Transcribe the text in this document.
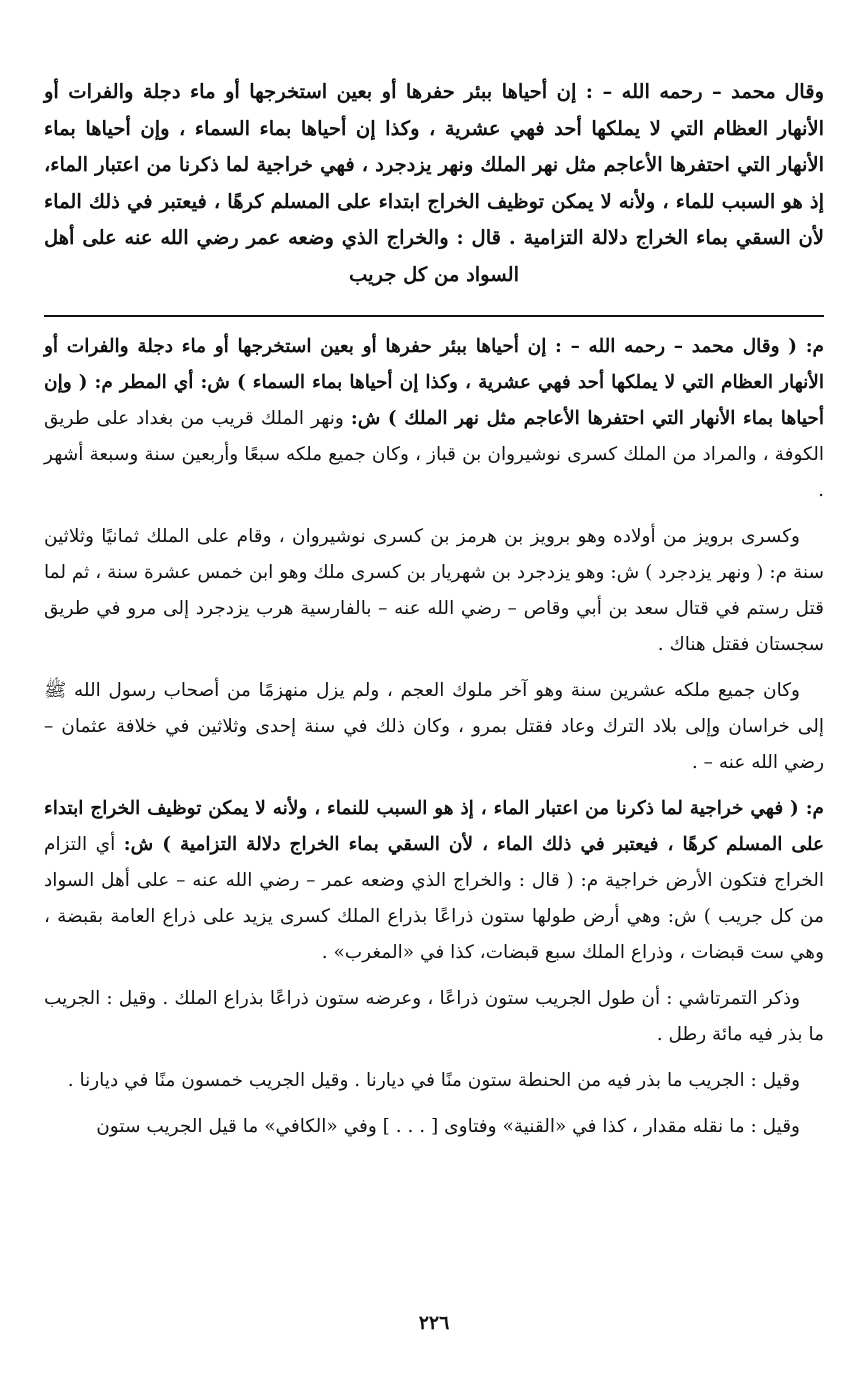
وقال محمد – رحمه الله – : إن أحياها ببئر حفرها أو بعين استخرجها أو ماء دجلة والفرات أو الأنهار العظام التي لا يملكها أحد فهي عشرية ، وكذا إن أحياها بماء السماء ، وإن أحياها بماء الأنهار التي احتفرها الأعاجم مثل نهر الملك ونهر يزدجرد ، فهي خراجية لما ذكرنا من اعتبار الماء، إذ هو السبب للماء ، ولأنه لا يمكن توظيف الخراج ابتداء على المسلم كرهًا ، فيعتبر في ذلك الماء لأن السقي بماء الخراج دلالة التزامية . قال : والخراج الذي وضعه عمر رضي الله عنه على أهل السواد من كل جريب

م: ( وقال محمد – رحمه الله – : إن أحياها ببئر حفرها أو بعين استخرجها أو ماء دجلة والفرات أو الأنهار العظام التي لا يملكها أحد فهي عشرية ، وكذا إن أحياها بماء السماء ) ش: أي المطر م: ( وإن أحياها بماء الأنهار التي احتفرها الأعاجم مثل نهر الملك ) ش: ونهر الملك قريب من بغداد على طريق الكوفة ، والمراد من الملك كسرى نوشيروان بن قباز ، وكان جميع ملكه سبعًا وأربعين سنة وسبعة أشهر .

وكسرى برويز من أولاده وهو برويز بن هرمز بن كسرى نوشيروان ، وقام على الملك ثمانيًا وثلاثين سنة م: ( ونهر يزدجرد ) ش: وهو يزدجرد بن شهريار بن كسرى ملك وهو ابن خمس عشرة سنة ، ثم لما قتل رستم في قتال سعد بن أبي وقاص – رضي الله عنه – بالفارسية هرب يزدجرد إلى مرو في طريق سجستان فقتل هناك .

وكان جميع ملكه عشرين سنة وهو آخر ملوك العجم ، ولم يزل منهزمًا من أصحاب رسول الله ﷺ إلى خراسان وإلى بلاد الترك وعاد فقتل بمرو ، وكان ذلك في سنة إحدى وثلاثين في خلافة عثمان – رضي الله عنه – .

م: ( فهي خراجية لما ذكرنا من اعتبار الماء ، إذ هو السبب للنماء ، ولأنه لا يمكن توظيف الخراج ابتداء على المسلم كرهًا ، فيعتبر في ذلك الماء ، لأن السقي بماء الخراج دلالة التزامية ) ش: أي التزام الخراج فتكون الأرض خراجية م: ( قال : والخراج الذي وضعه عمر – رضي الله عنه – على أهل السواد من كل جريب ) ش: وهي أرض طولها ستون ذراعًا بذراع الملك كسرى يزيد على ذراع العامة بقبضة ، وهي ست قبضات ، وذراع الملك سبع قبضات، كذا في «المغرب» .

وذكر التمرتاشي : أن طول الجريب ستون ذراعًا ، وعرضه ستون ذراعًا بذراع الملك . وقيل : الجريب ما بذر فيه مائة رطل .

وقيل : الجريب ما بذر فيه من الحنطة ستون منًا في ديارنا . وقيل الجريب خمسون منًا في ديارنا .

وقيل : ما نقله مقدار ، كذا في «القنية» وفتاوى [ . . . ] وفي «الكافي» ما قيل الجريب ستون

٢٢٦
